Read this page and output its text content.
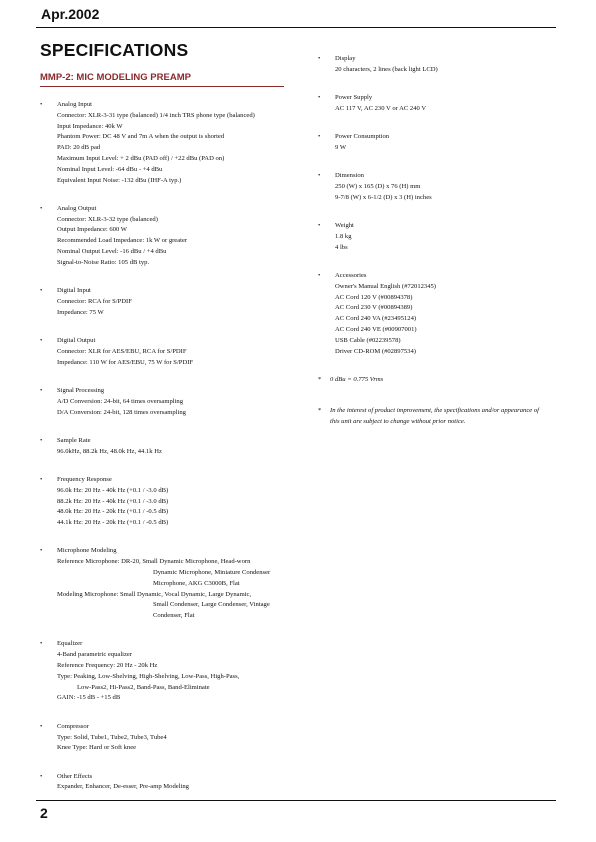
Apr.2002
SPECIFICATIONS
MMP-2: MIC MODELING PREAMP
•	Analog Input
Connector: XLR-3-31 type (balanced) 1/4 inch TRS phone type (balanced)
Input Impedance: 40k W
Phantom Power: DC 48 V and 7m A when the output is shorted
PAD: 20 dB pad
Maximum Input Level: + 2 dBu (PAD off) / +22 dBu (PAD on)
Nominal Input Level: -64 dBu - +4 dBu
Equivalent Input Noise: -132 dBu (IHF-A typ.)
•	Analog Output
Connector: XLR-3-32 type (balanced)
Output Impedance: 600 W
Recommended Load Impedance: 1k W or greater
Nominal Output Level: -16 dBu / +4 dBu
Signal-to-Noise Ratio: 105 dB typ.
•	Digital Input
Connector: RCA for S/PDIF
Impedance: 75 W
•	Digital Output
Connector: XLR for AES/EBU, RCA for S/PDIF
Impedance: 110 W for AES/EBU, 75 W for S/PDIF
•	Signal Processing
A/D Conversion: 24-bit, 64 times oversampling
D/A Conversion: 24-bit, 128 times oversampling
•	Sample Rate
96.0kHz, 88.2k Hz, 48.0k Hz, 44.1k Hz
•	Frequency Response
96.0k Hz: 20 Hz - 40k Hz (+0.1 / -3.0 dB)
88.2k Hz: 20 Hz - 40k Hz (+0.1 / -3.0 dB)
48.0k Hz: 20 Hz - 20k Hz (+0.1 / -0.5 dB)
44.1k Hz: 20 Hz - 20k Hz (+0.1 / -0.5 dB)
•	Microphone Modeling
Reference Microphone: DR-20, Small Dynamic Microphone, Head-worn
Dynamic Microphone, Miniature Condenser
Microphone, AKG C3000B, Flat
Modeling Microphone: Small Dynamic, Vocal Dynamic, Large Dynamic,
Small Condenser, Large Condenser, Vintage
Condenser, Flat
•	Equalizer
4-Band parametric equalizer
Reference Frequency: 20 Hz - 20k Hz
Type: Peaking, Low-Shelving, High-Shelving, Low-Pass, High-Pass,
Low-Pass2, Hi-Pass2, Band-Pass, Band-Eliminate
GAIN: -15 dB - +15 dB
•	Compressor
Type: Solid, Tube1, Tube2, Tube3, Tube4
Knee Type: Hard or Soft knee
•	Other Effects
Expander, Enhancer, De-esser, Pre-amp Modeling
•	Display
20 characters, 2 lines (back light LCD)
•	Power Supply
AC 117 V, AC 230 V or AC 240 V
•	Power Consumption
9 W
•	Dimension
250 (W) x 165 (D) x 76 (H) mm
9-7/8 (W) x 6-1/2 (D) x 3 (H) inches
•	Weight
1.8 kg
4 lbs
•	Accessories
Owner's Manual English (#72012345)
AC Cord 120 V (#00894378)
AC Cord 230 V (#00894389)
AC Cord 240 VA (#23495124)
AC Cord 240 VE (#00907001)
USB Cable (#02239578)
Driver CD-ROM (#02897534)
*	0 dBu = 0.775 Vrms
*	In the interest of product improvement, the specifications and/or appearance of
this unit are subject to change without prior notice.
2
